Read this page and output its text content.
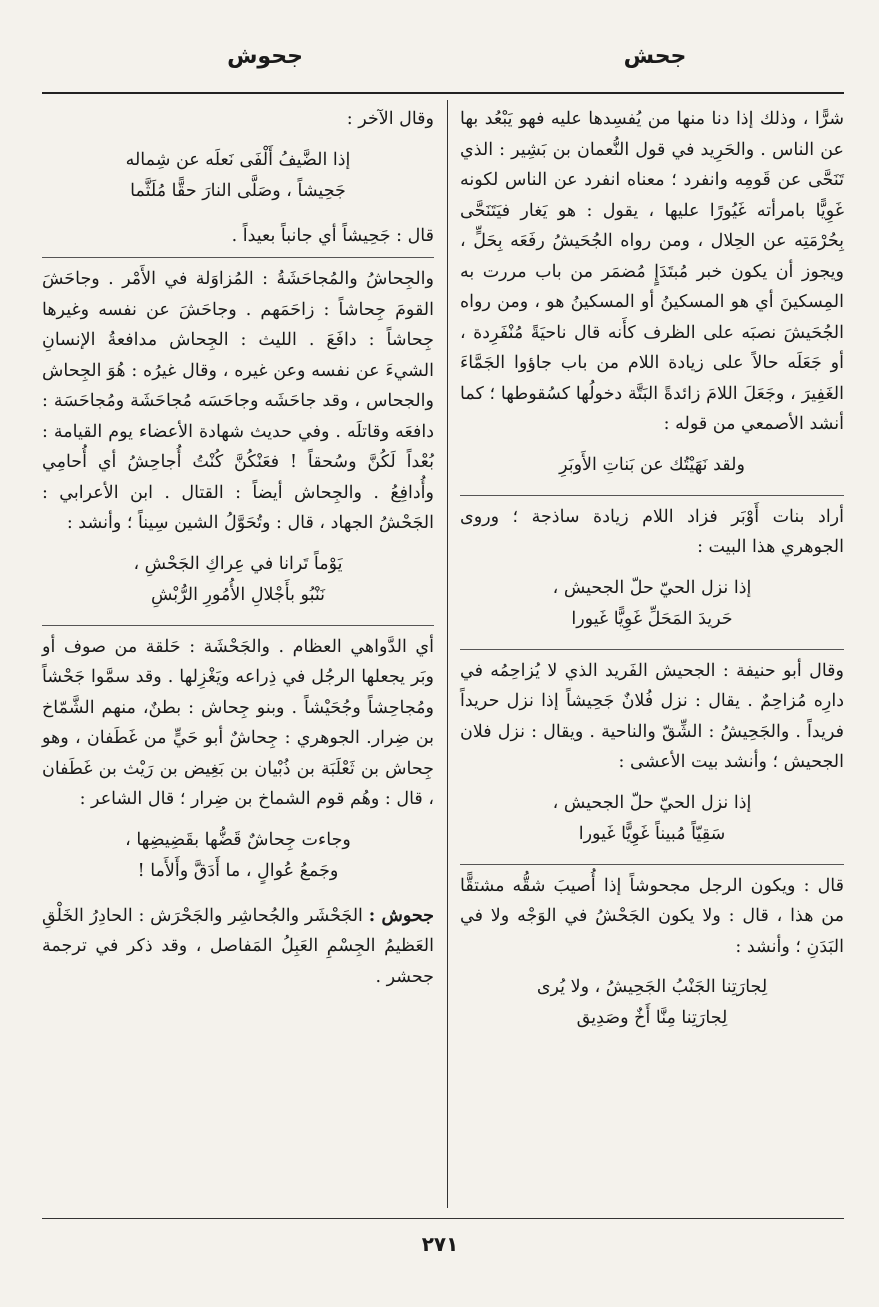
جحش
جحوش

شرًّا ، وذلك إذا دنا منها من يُفسِدها عليه فهو يَبْعُد بها عن الناس . والحَرِيد في قول النُّعمان بن بَشِير : الذي تَنَحَّى عن قَومِه وانفرد ؛ معناه انفرد عن الناس لكونه غَوِيًّا بامرأته غَيُورًا عليها ، يقول : هو يَغار فيَتَنَحَّى بِحُرْمَتِه عن الحِلال ، ومن رواه الجُحَيشُ رفَعَه بِحَلٍّ ، ويجوز أن يكون خبر مُبتَدَإٍ مُضمَر من باب مررت به المِسكينَ أي هو المسكينُ أو المسكينُ هو ، ومن رواه الجُحَيشَ نصبَه على الظرف كأَنه قال ناحيَةً مُنْفَرِدة ، أو جَعَلَه حالاً على زيادة اللام من باب جاؤوا الجَمَّاءَ الغَفِيرَ ، وجَعَلَ اللامَ زائدةً البَتَّة دخولُها كسُقوطها ؛ كما أنشد الأصمعي من قوله :

ولقد نَهَيْتُك عن بَناتِ الأَوبَرِ

أراد بنات أَوْبَر فزاد اللام زيادة ساذجة ؛ وروى الجوهري هذا البيت :

إذا نزل الحيّ حلّ الجحيش ،
حَريدَ المَحَلِّ غَوِيًّا غَيورا

وقال أبو حنيفة : الجحيش الفَريد الذي لا يُزاحِمُه في دارِه مُزاحِمٌ . يقال : نزل فُلانٌ جَحِيشاً إذا نزل حريداً فريداً . والجَحِيشُ : الشِّقّ والناحية . ويقال : نزل فلان الجحيش ؛ وأنشد بيت الأعشى :

إذا نزل الحيّ حلّ الجحيش ،
سَقِيّاً مُبيناً غَوِيًّا غَيورا

قال : ويكون الرجل مجحوشاً إذا أُصيبَ شقُّه مشتقًّا من هذا ، قال : ولا يكون الجَحْشُ في الوَجْه ولا في البَدَنِ ؛ وأنشد :

لِجارَتِنا الجَنْبُ الجَحِيشُ ، ولا يُرى
لِجارَتِنا مِنَّا أَخٌ وصَدِيق

وقال الآخر :

إذا الضَّيفُ أَلْفَى نَعلَه عن شِماله
جَحِيشاً ، وصَلَّى النارَ حقًّا مُلَثَّما

قال : جَحِيشاً أي جانباً بعيداً .

والجِحاشُ والمُجاحَشَةُ : المُزاوَلة في الأَمْر . وجاحَشَ القومَ جِحاشاً : زاحَمَهم . وجاحَشَ عن نفسه وغيرها جِحاشاً : دافَعَ . الليث : الجِحاش مدافعةُ الإنسانِ الشيءَ عن نفسه وعن غيره ، وقال غيرُه : هُوَ الجِحاش والجحاس ، وقد جاحَشَه وجاحَسَه مُجاحَشَة ومُجاحَسَة : دافعَه وقاتلَه . وفي حديث شهادة الأعضاء يوم القيامة : بُعْداً لَكُنَّ وسُحقاً ! فعَنْكُنَّ كُنْتُ أُجاحِشُ أي أُحامِي وأُدافِعُ . والجِحاش أيضاً : القتال . ابن الأعرابي : الجَحْشُ الجهاد ، قال : وتُحَوَّلُ الشين سِيناً ؛ وأنشد :

يَوْماً تَرانا في عِراكِ الجَحْشِ ،
نَنْبُو بأَجْلالِ الأُمُورِ الرُّبْشِ

أي الدَّواهي العظام . والجَحْشَة : حَلقة من صوف أو وبَر يجعلها الرجُل في ذِراعه ويَغْزِلها . وقد سمَّوا جَحْشاً ومُجاحِشاً وجُحَيْشاً . وبنو جِحاش : بطنٌ، منهم الشَّمّاخ بن ضِرار. الجوهري : جِحاشٌ أبو حَيٍّ من غَطَفان ، وهو جِحاش بن ثَعْلَبَة بن ذُبْيان بن بَغِيض بن رَيْث بن غَطَفان ، قال : وهُم قوم الشماخ بن ضِرار ؛ قال الشاعر :

وجاءت جِحاشٌ قَضُّها بقَضِيضِها ،
وجَمعُ عُوالٍ ، ما أَدَقَّ وأَلأَما !

جحوش : الجَحْشَر والجُحاشِر والجَحْرَش : الحادِرُ الخَلْقِ العَظيمُ الجِسْمِ العَبِلُ المَفاصل ، وقد ذكر في ترجمة جحشر .

٢٧١
